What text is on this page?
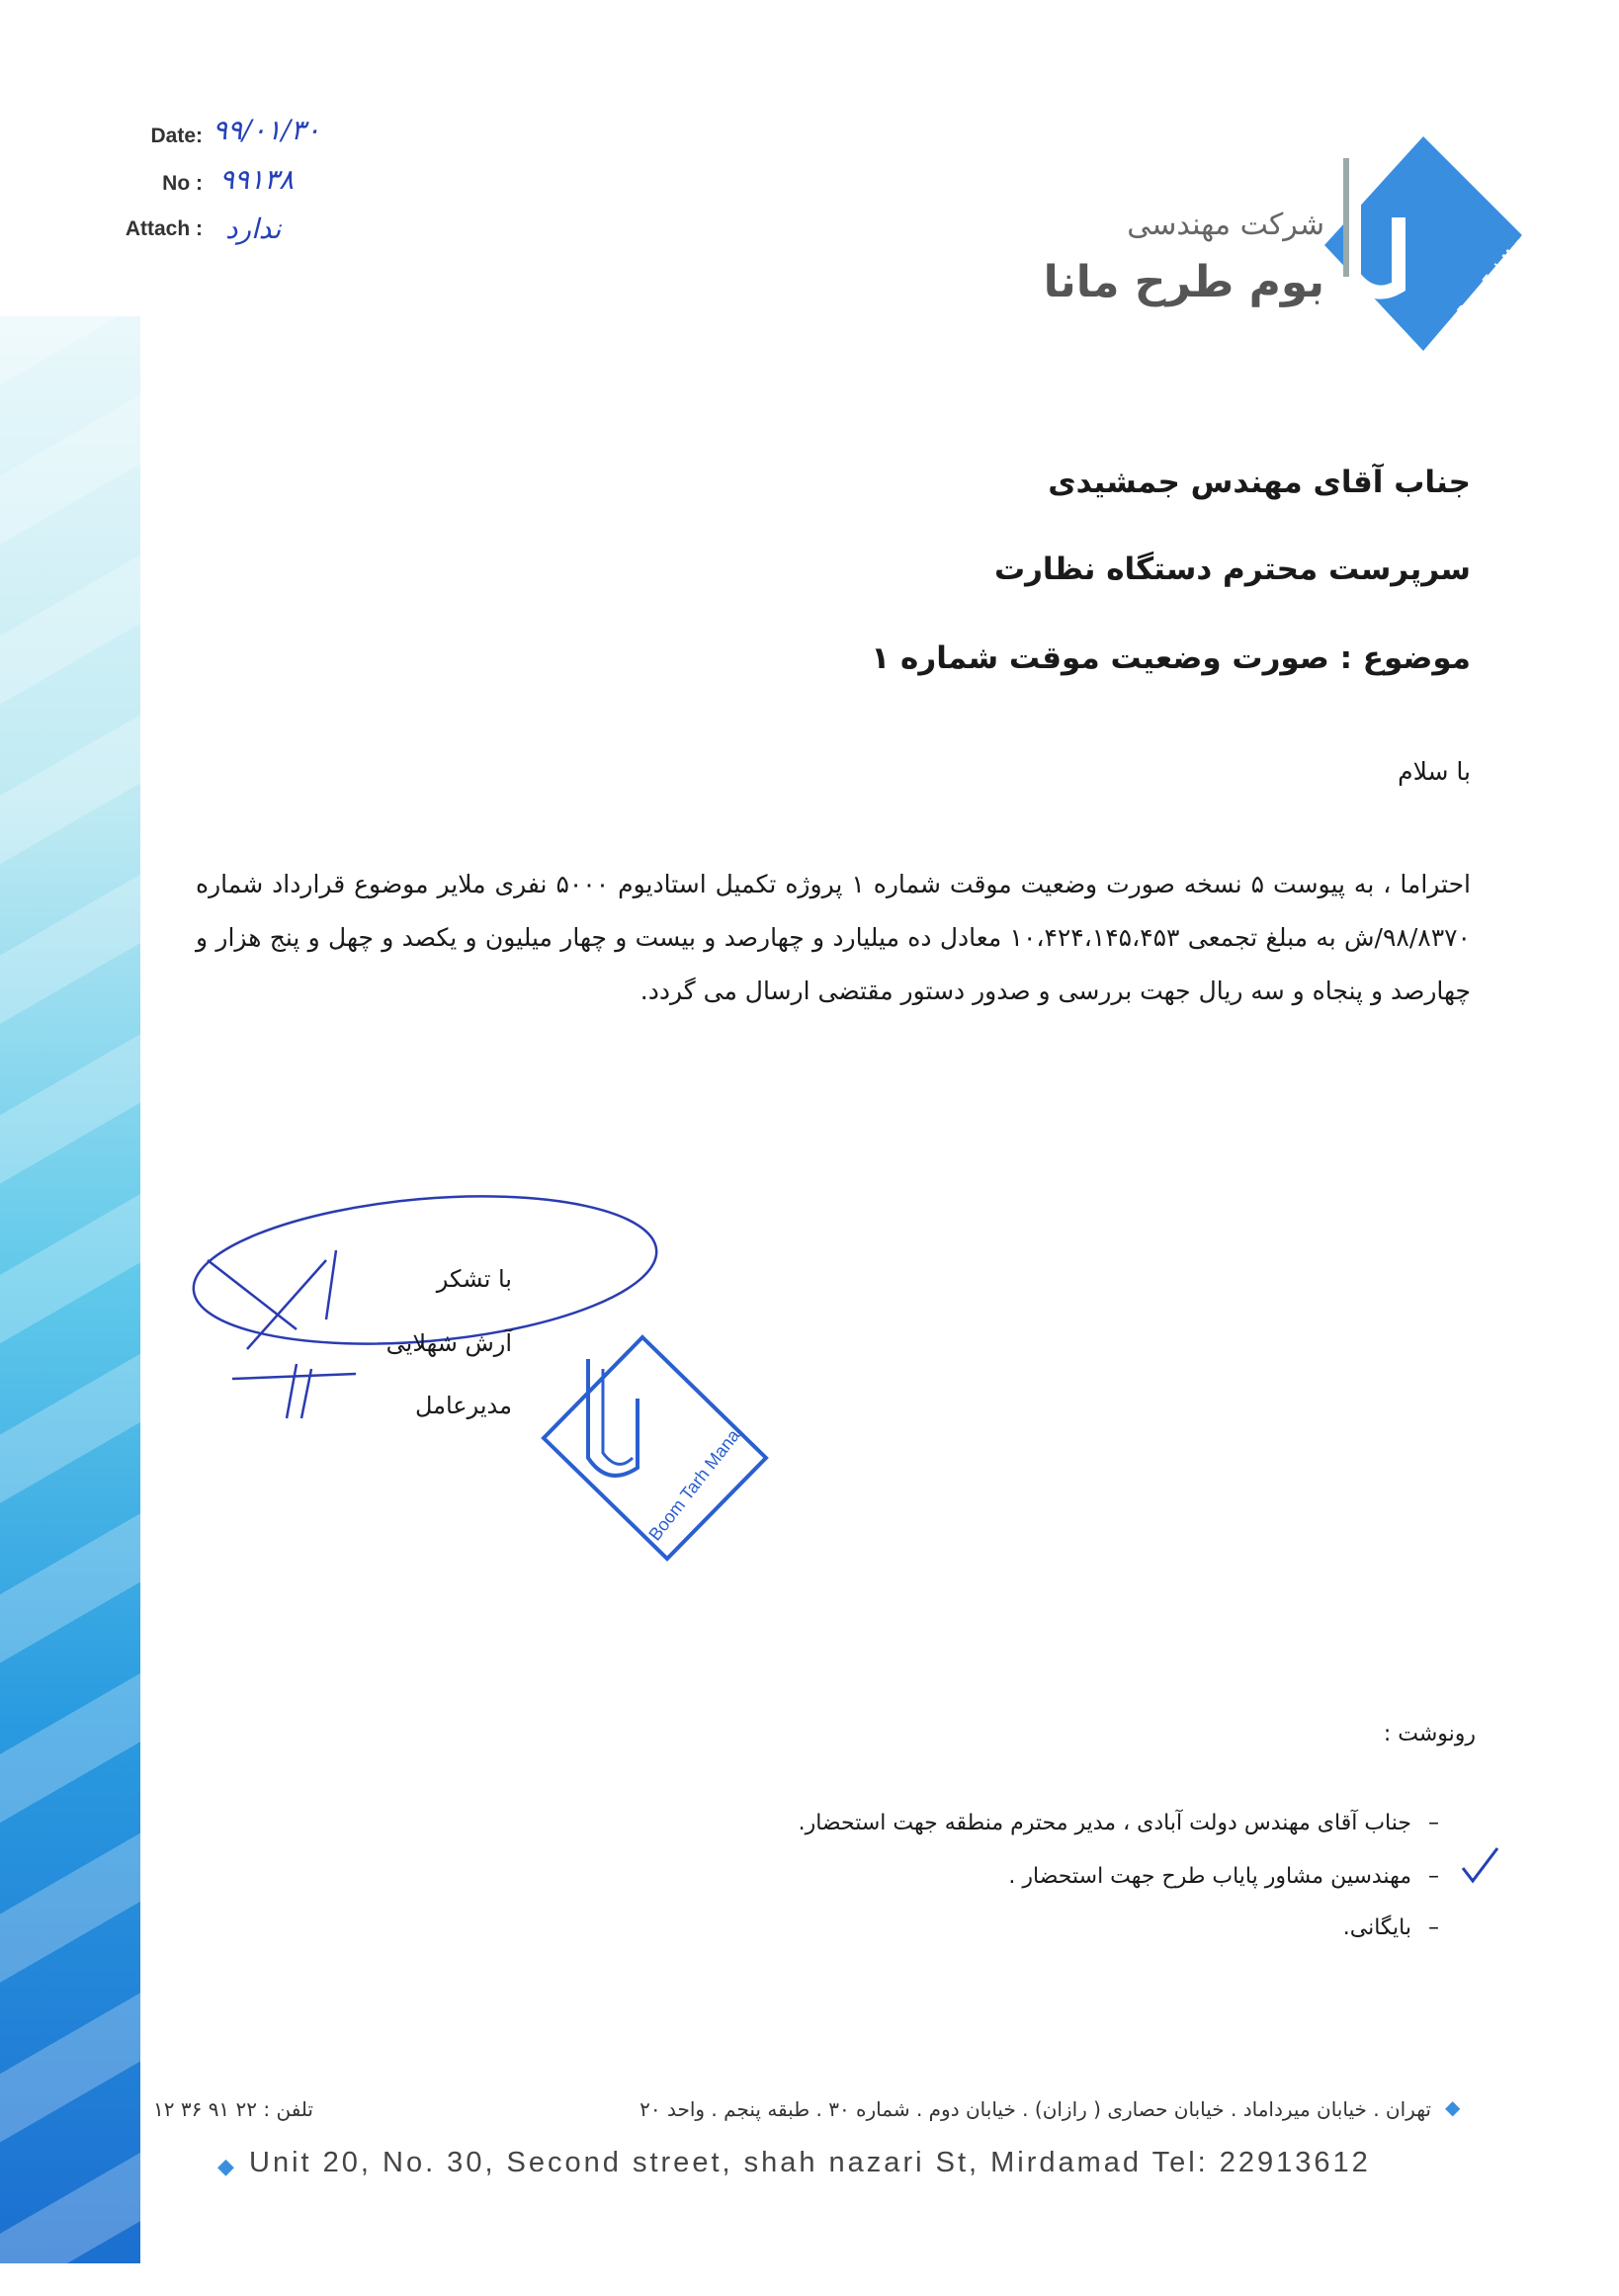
Date: ۹۹/۰۱/۳۰
No : ۹۹۱۳۸
Attach : ندارد
Boom Tarh Mana
شرکت مهندسی
بوم طرح مانا
جناب آقای مهندس جمشیدی
سرپرست محترم دستگاه نظارت
موضوع : صورت وضعیت موقت شماره ۱
با سلام
احتراما ، به پیوست ۵ نسخه صورت وضعیت موقت شماره ۱ پروژه تکمیل استادیوم ۵۰۰۰ نفری ملایر موضوع قرارداد شماره ۹۸/۸۳۷۰/ش به مبلغ تجمعی ۱۰،۴۲۴،۱۴۵،۴۵۳ معادل ده میلیارد و چهارصد و بیست و چهار میلیون و یکصد و چهل و پنج هزار و چهارصد و پنجاه و سه ریال جهت بررسی و صدور دستور مقتضی ارسال می گردد.
با تشکر
آرش شهلایی
مدیرعامل
Boom Tarh Mana
رونوشت :
جناب آقای مهندس دولت آبادی ، مدیر محترم منطقه جهت استحضار. –
مهندسین مشاور پایاب طرح جهت استحضار . –
بایگانی. –
تهران . خیابان میرداماد . خیابان حصاری ( رازان) . خیابان دوم . شماره ۳۰ . طبقه پنجم . واحد ۲۰ ◆
تلفن : ۲۲ ۹۱ ۳۶ ۱۲
◆ Unit 20, No. 30, Second street, shah nazari St, Mirdamad Tel: 22913612
